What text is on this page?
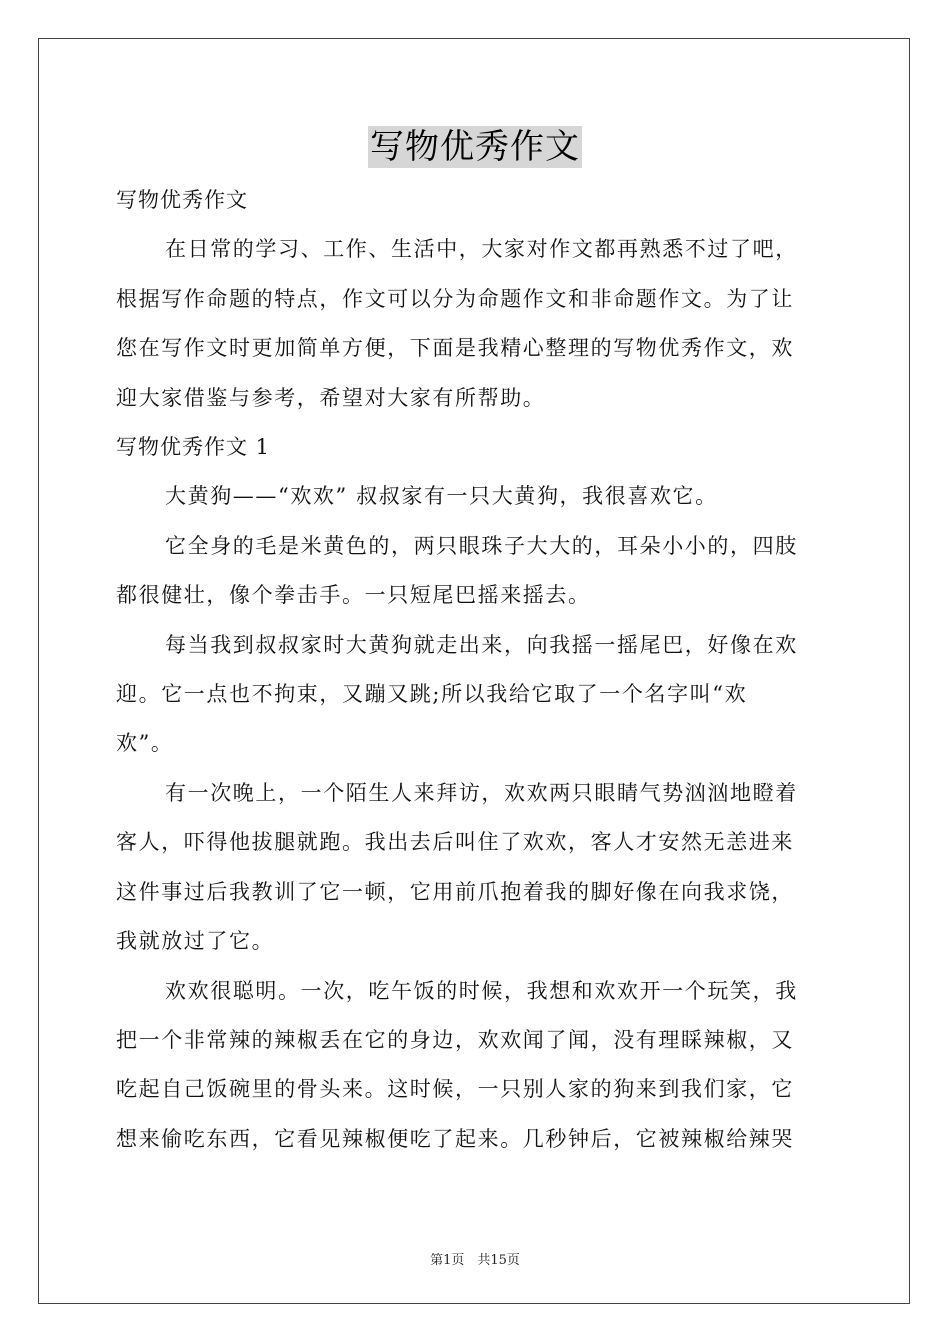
写物优秀作文
写物优秀作文
在日常的学习、工作、生活中，大家对作文都再熟悉不过了吧，
根据写作命题的特点，作文可以分为命题作文和非命题作文。为了让
您在写作文时更加简单方便，下面是我精心整理的写物优秀作文，欢
迎大家借鉴与参考，希望对大家有所帮助。
写物优秀作文 1
大黄狗——“欢欢” 叔叔家有一只大黄狗，我很喜欢它。
它全身的毛是米黄色的，两只眼珠子大大的，耳朵小小的，四肢
都很健壮，像个拳击手。一只短尾巴摇来摇去。
每当我到叔叔家时大黄狗就走出来，向我摇一摇尾巴，好像在欢
迎。它一点也不拘束，又蹦又跳;所以我给它取了一个名字叫“欢
欢”。
有一次晚上，一个陌生人来拜访，欢欢两只眼睛气势汹汹地瞪着
客人，吓得他拔腿就跑。我出去后叫住了欢欢，客人才安然无恙进来
这件事过后我教训了它一顿，它用前爪抱着我的脚好像在向我求饶，
我就放过了它。
欢欢很聪明。一次，吃午饭的时候，我想和欢欢开一个玩笑，我
把一个非常辣的辣椒丢在它的身边，欢欢闻了闻，没有理睬辣椒，又
吃起自己饭碗里的骨头来。这时候，一只别人家的狗来到我们家，它
想来偷吃东西，它看见辣椒便吃了起来。几秒钟后，它被辣椒给辣哭
第1页　共15页
